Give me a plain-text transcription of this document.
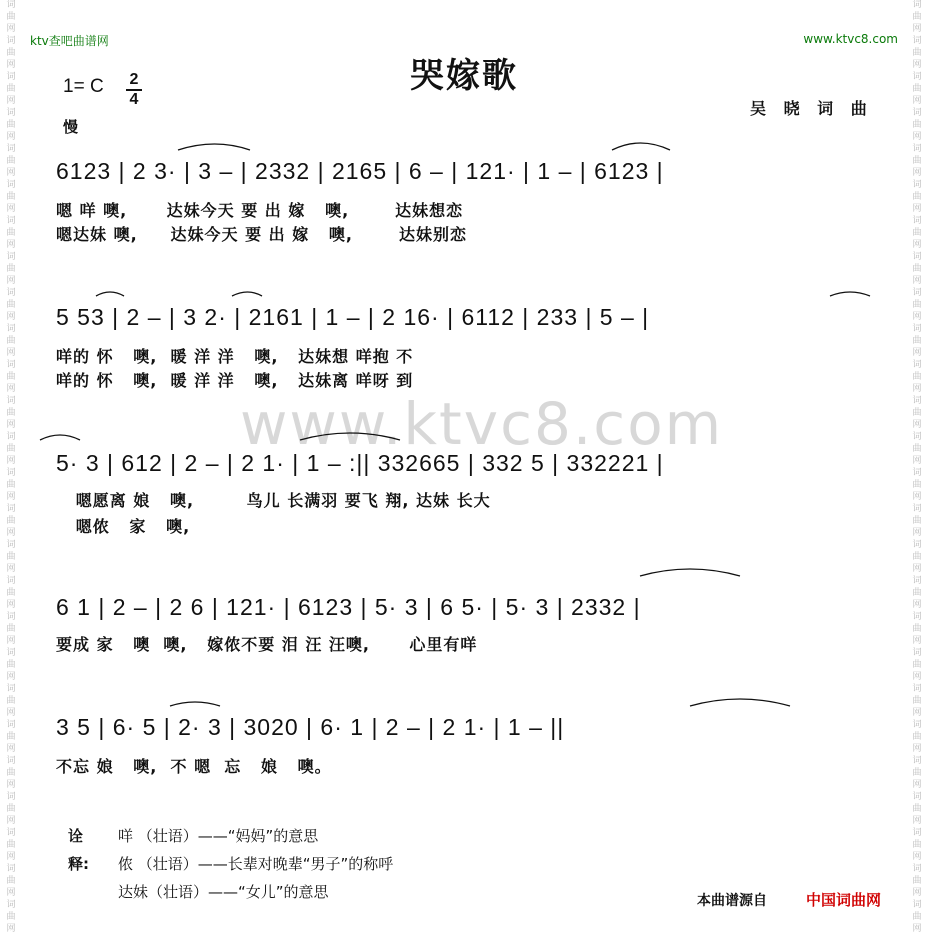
词
曲
网
词
曲
网
词
曲
网
词
曲
网
词
曲
网
词
曲
网
词
曲
网
词
曲
网
词
曲
网
词
曲
网
词
曲
网
词
曲
网
词
曲
网
词
曲
网
词
曲
网
词
曲
网
词
曲
网
词
曲
网
词
曲
网
词
曲
网
词
曲
网
词
曲
网
词
曲
网
词
曲
网
词
曲
网
词
曲
网
词
曲
网
词
曲
网
词
曲
网
词
曲
网
词
曲
网
词
曲
网
词
曲
网
词
曲
网
词
曲
网
词
曲
网
词
曲
网
词
曲
网
词
曲
网
词
曲
网
词
曲
网
词
曲
网
词
曲
网
词
曲
网
词
曲
网
词
曲
网
词
曲
网
词
曲
网
词
曲
网
词
曲
网
词
曲
网
词
曲
网
ktv查吧曲谱网	www.ktvc8.com
哭嫁歌
1= C 2
4
慢
吴 晓 词 曲
www.ktvc8.com
6123 | 2 3· | 3 – | 2332 | 2165 | 6 – | 121· | 1 – | 6123 |
嗯 咩 噢,      达妹今天 要 出 嫁   噢,       达妹想恋
嗯达妹 噢,     达妹今天 要 出 嫁   噢,       达妹别恋
5 53 | 2 – | 3 2· | 2161 | 1 – | 2 16· | 6112 | 233 | 5 – |
咩的 怀   噢,  暖 洋 洋   噢,   达妹想 咩抱 不
咩的 怀   噢,  暖 洋 洋   噢,   达妹离 咩呀 到
5· 3 | 612 | 2 – | 2 1· | 1 – :|| 332665 | 332 5 | 332221 |
嗯愿离 娘   噢,        鸟儿 长满羽 要飞 翔, 达妹 长大
嗯侬   家   噢,
6 1 | 2 – | 2 6 | 121· | 6123 | 5· 3 | 6 5· | 5· 3 | 2332 |
要成 家   噢  噢,   嫁侬不要 泪 汪 汪噢,      心里有咩
3 5 | 6· 5 | 2· 3 | 3020 | 6· 1 | 2 – | 2 1· | 1 – ||
不忘 娘   噢,  不 嗯  忘   娘   噢。
诠释:
咩 （壮语）——“妈妈”的意思
侬 （壮语）——长辈对晚辈“男子”的称呼
达妹（壮语）——“女儿”的意思	本曲谱源自	中国词曲网
